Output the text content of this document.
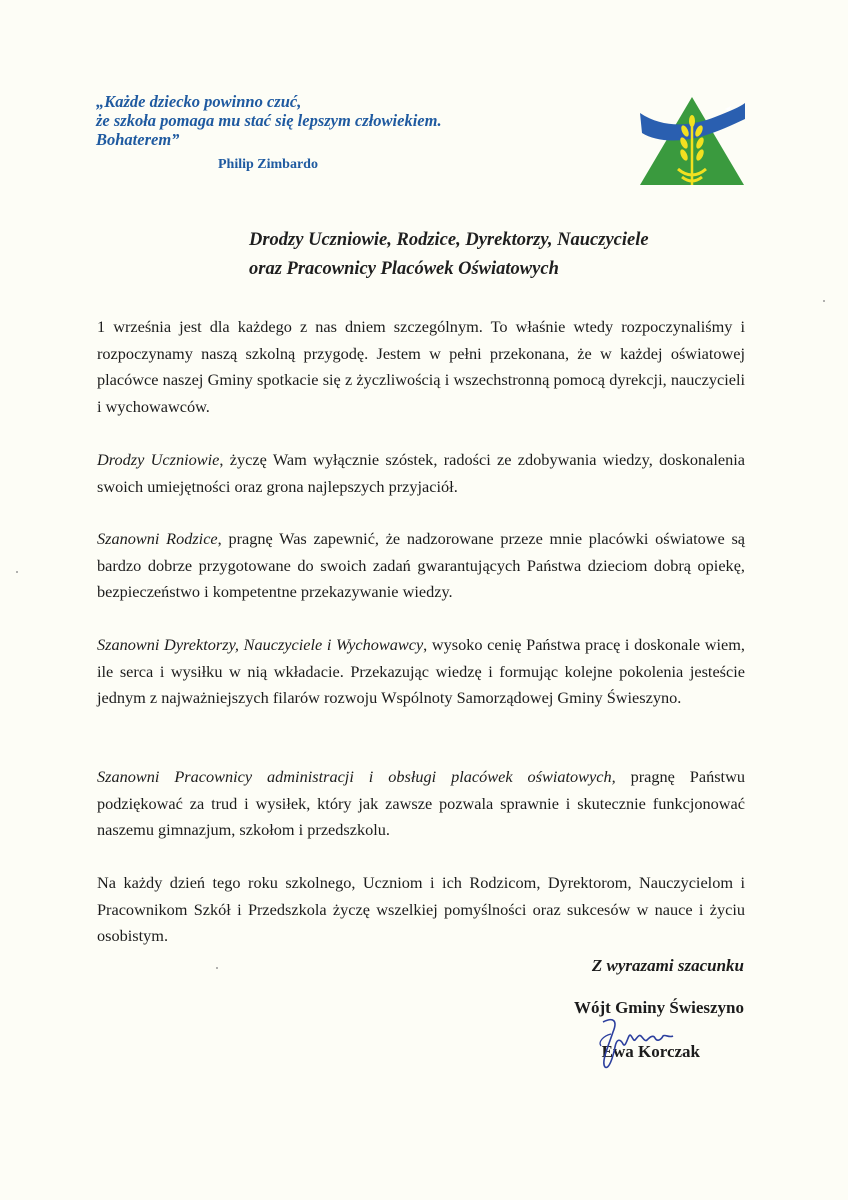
„Każde dziecko powinno czuć,
że szkoła pomaga mu stać się lepszym człowiekiem.
Bohaterem”
Philip Zimbardo
Drodzy Uczniowie, Rodzice, Dyrektorzy, Nauczyciele
oraz Pracownicy Placówek Oświatowych
1 września jest dla każdego z nas dniem szczególnym. To właśnie wtedy rozpoczynaliśmy i rozpoczynamy naszą szkolną przygodę. Jestem w pełni przekonana, że w każdej oświatowej placówce naszej Gminy spotkacie się z życzliwością i wszechstronną pomocą dyrekcji, nauczycieli i wychowawców.
Drodzy Uczniowie, życzę Wam wyłącznie szóstek, radości ze zdobywania wiedzy, doskonalenia swoich umiejętności oraz grona najlepszych przyjaciół.
Szanowni Rodzice, pragnę Was zapewnić, że nadzorowane przeze mnie placówki oświatowe są bardzo dobrze przygotowane do swoich zadań gwarantujących Państwa dzieciom dobrą opiekę, bezpieczeństwo i kompetentne przekazywanie wiedzy.
Szanowni Dyrektorzy, Nauczyciele i Wychowawcy, wysoko cenię Państwa pracę i doskonale wiem, ile serca i wysiłku w nią wkładacie. Przekazując wiedzę i formując kolejne pokolenia jesteście jednym z najważniejszych filarów rozwoju Wspólnoty Samorządowej Gminy Świeszyno.
Szanowni Pracownicy administracji i obsługi placówek oświatowych, pragnę Państwu podziękować za trud i wysiłek, który jak zawsze pozwala sprawnie i skutecznie funkcjonować naszemu gimnazjum, szkołom i przedszkolu.
Na każdy dzień tego roku szkolnego, Uczniom i ich Rodzicom, Dyrektorom, Nauczycielom i Pracownikom Szkół i Przedszkola życzę wszelkiej pomyślności oraz sukcesów w nauce i życiu osobistym.
Z wyrazami szacunku
Wójt Gminy Świeszyno
Ewa Korczak
